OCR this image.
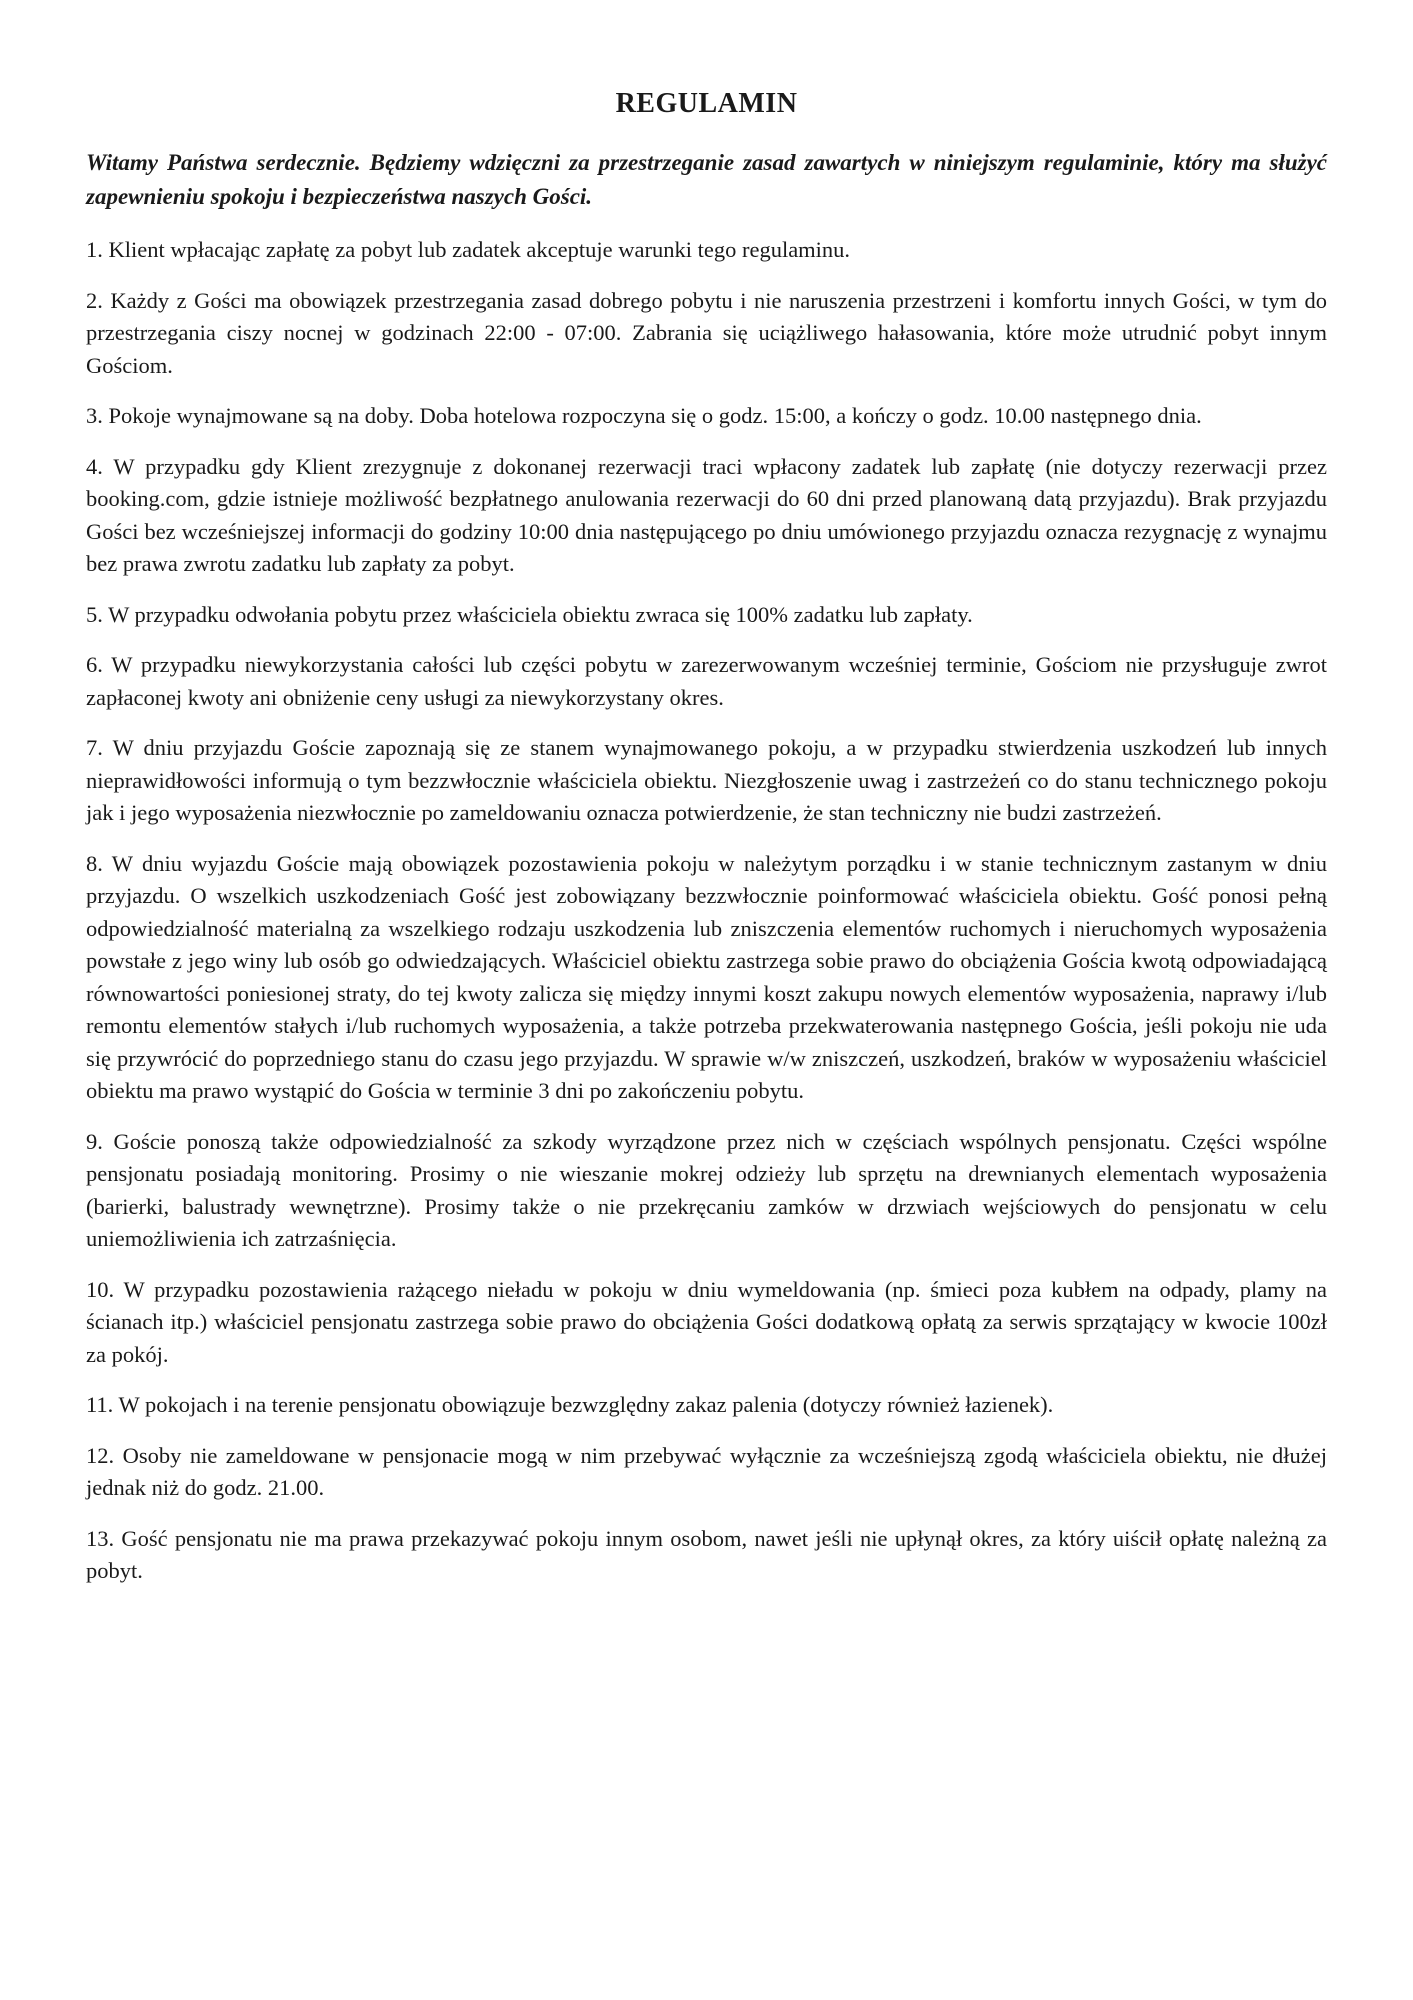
REGULAMIN

Witamy Państwa serdecznie. Będziemy wdzięczni za przestrzeganie zasad zawartych w niniejszym regulaminie, który ma służyć zapewnieniu spokoju i bezpieczeństwa naszych Gości.

1. Klient wpłacając zapłatę za pobyt lub zadatek akceptuje warunki tego regulaminu.

2. Każdy z Gości ma obowiązek przestrzegania zasad dobrego pobytu i nie naruszenia przestrzeni i komfortu innych Gości, w tym do przestrzegania ciszy nocnej w godzinach 22:00 - 07:00. Zabrania się uciążliwego hałasowania, które może utrudnić pobyt innym Gościom.

3. Pokoje wynajmowane są na doby. Doba hotelowa rozpoczyna się o godz. 15:00, a kończy o godz. 10.00 następnego dnia.

4. W przypadku gdy Klient zrezygnuje z dokonanej rezerwacji traci wpłacony zadatek lub zapłatę (nie dotyczy rezerwacji przez booking.com, gdzie istnieje możliwość bezpłatnego anulowania rezerwacji do 60 dni przed planowaną datą przyjazdu). Brak przyjazdu Gości bez wcześniejszej informacji do godziny 10:00 dnia następującego po dniu umówionego przyjazdu oznacza rezygnację z wynajmu bez prawa zwrotu zadatku lub zapłaty za pobyt.

5. W przypadku odwołania pobytu przez właściciela obiektu zwraca się 100% zadatku lub zapłaty.

6. W przypadku niewykorzystania całości lub części pobytu w zarezerwowanym wcześniej terminie, Gościom nie przysługuje zwrot zapłaconej kwoty ani obniżenie ceny usługi za niewykorzystany okres.

7. W dniu przyjazdu Goście zapoznają się ze stanem wynajmowanego pokoju, a w przypadku stwierdzenia uszkodzeń lub innych nieprawidłowości informują o tym bezzwłocznie właściciela obiektu. Niezgłoszenie uwag i zastrzeżeń co do stanu technicznego pokoju jak i jego wyposażenia niezwłocznie po zameldowaniu oznacza potwierdzenie, że stan techniczny nie budzi zastrzeżeń.

8. W dniu wyjazdu Goście mają obowiązek pozostawienia pokoju w należytym porządku i w stanie technicznym zastanym w dniu przyjazdu. O wszelkich uszkodzeniach Gość jest zobowiązany bezzwłocznie poinformować właściciela obiektu. Gość ponosi pełną odpowiedzialność materialną za wszelkiego rodzaju uszkodzenia lub zniszczenia elementów ruchomych i nieruchomych wyposażenia powstałe z jego winy lub osób go odwiedzających. Właściciel obiektu zastrzega sobie prawo do obciążenia Gościa kwotą odpowiadającą równowartości poniesionej straty, do tej kwoty zalicza się między innymi koszt zakupu nowych elementów wyposażenia, naprawy i/lub remontu elementów stałych i/lub ruchomych wyposażenia, a także potrzeba przekwaterowania następnego Gościa, jeśli pokoju nie uda się przywrócić do poprzedniego stanu do czasu jego przyjazdu. W sprawie w/w zniszczeń, uszkodzeń, braków w wyposażeniu właściciel obiektu ma prawo wystąpić do Gościa w terminie 3 dni po zakończeniu pobytu.

9. Goście ponoszą także odpowiedzialność za szkody wyrządzone przez nich w częściach wspólnych pensjonatu. Części wspólne pensjonatu posiadają monitoring. Prosimy o nie wieszanie mokrej odzieży lub sprzętu na drewnianych elementach wyposażenia (barierki, balustrady wewnętrzne). Prosimy także o nie przekręcaniu zamków w drzwiach wejściowych do pensjonatu w celu uniemożliwienia ich zatrzaśnięcia.

10. W przypadku pozostawienia rażącego nieładu w pokoju w dniu wymeldowania (np. śmieci poza kubłem na odpady, plamy na ścianach itp.) właściciel pensjonatu zastrzega sobie prawo do obciążenia Gości dodatkową opłatą za serwis sprzątający w kwocie 100zł za pokój.

11. W pokojach i na terenie pensjonatu obowiązuje bezwzględny zakaz palenia (dotyczy również łazienek).

12. Osoby nie zameldowane w pensjonacie mogą w nim przebywać wyłącznie za wcześniejszą zgodą właściciela obiektu, nie dłużej jednak niż do godz. 21.00.

13. Gość pensjonatu nie ma prawa przekazywać pokoju innym osobom, nawet jeśli nie upłynął okres, za który uiścił opłatę należną za pobyt.
